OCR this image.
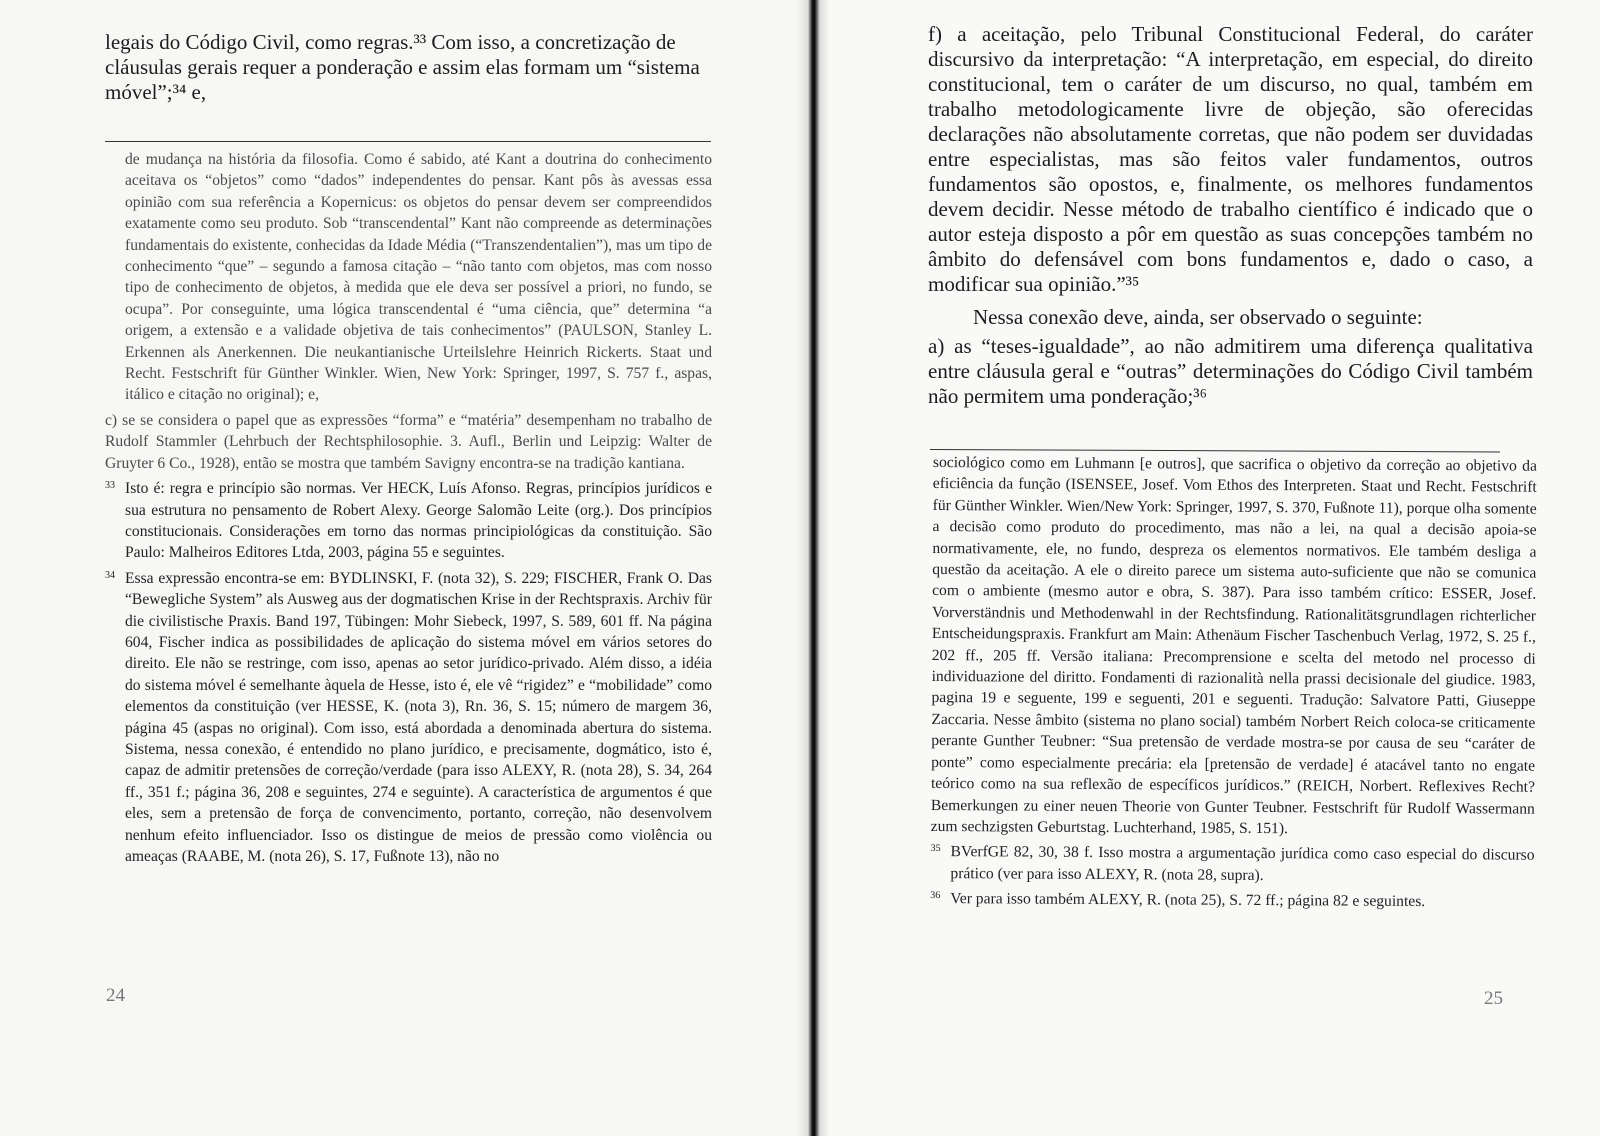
legais do Código Civil, como regras.³³ Com isso, a concretização de

cláusulas gerais requer a ponderação e assim elas formam um “sistema

móvel”;³⁴ e,

de mudança na história da filosofia. Como é sabido, até Kant a doutrina do conhecimento aceitava os “objetos” como “dados” independentes do pensar. Kant pôs às avessas essa opinião com sua referência a Kopernicus: os objetos do pensar devem ser compreendidos exatamente como seu produto. Sob “transcendental” Kant não compreende as determinações fundamentais do existente, conhecidas da Idade Média (“Transzendentalien”), mas um tipo de conhecimento “que” – segundo a famosa citação – “não tanto com objetos, mas com nosso tipo de conhecimento de objetos, à medida que ele deva ser possível a priori, no fundo, se ocupa”. Por conseguinte, uma lógica transcendental é “uma ciência, que” determina “a origem, a extensão e a validade objetiva de tais conhecimentos” (PAULSON, Stanley L. Erkennen als Anerkennen. Die neukantianische Urteilslehre Heinrich Rickerts. Staat und Recht. Festschrift für Günther Winkler. Wien, New York: Springer, 1997, S. 757 f., aspas, itálico e citação no original); e,

c) se se considera o papel que as expressões “forma” e “matéria” desempenham no trabalho de Rudolf Stammler (Lehrbuch der Rechtsphilosophie. 3. Aufl., Berlin und Leipzig: Walter de Gruyter 6 Co., 1928), então se mostra que também Savigny encontra-se na tradição kantiana.

33 Isto é: regra e princípio são normas. Ver HECK, Luís Afonso. Regras, princípios jurídicos e sua estrutura no pensamento de Robert Alexy. George Salomão Leite (org.). Dos princípios constitucionais. Considerações em torno das normas principiológicas da constituição. São Paulo: Malheiros Editores Ltda, 2003, página 55 e seguintes.

34 Essa expressão encontra-se em: BYDLINSKI, F. (nota 32), S. 229; FISCHER, Frank O. Das “Bewegliche System” als Ausweg aus der dogmatischen Krise in der Rechtspraxis. Archiv für die civilistische Praxis. Band 197, Tübingen: Mohr Siebeck, 1997, S. 589, 601 ff. Na página 604, Fischer indica as possibilidades de aplicação do sistema móvel em vários setores do direito. Ele não se restringe, com isso, apenas ao setor jurídico-privado. Além disso, a idéia do sistema móvel é semelhante àquela de Hesse, isto é, ele vê “rigidez” e “mobilidade” como elementos da constituição (ver HESSE, K. (nota 3), Rn. 36, S. 15; número de margem 36, página 45 (aspas no original). Com isso, está abordada a denominada abertura do sistema. Sistema, nessa conexão, é entendido no plano jurídico, e precisamente, dogmático, isto é, capaz de admitir pretensões de correção/verdade (para isso ALEXY, R. (nota 28), S. 34, 264 ff., 351 f.; página 36, 208 e seguintes, 274 e seguinte). A característica de argumentos é que eles, sem a pretensão de força de convencimento, portanto, correção, não desenvolvem nenhum efeito influenciador. Isso os distingue de meios de pressão como violência ou ameaças (RAABE, M. (nota 26), S. 17, Fußnote 13), não no

24

f) a aceitação, pelo Tribunal Constitucional Federal, do caráter discursivo da interpretação: “A interpretação, em especial, do direito constitucional, tem o caráter de um discurso, no qual, também em trabalho metodologicamente livre de objeção, são oferecidas declarações não absolutamente corretas, que não podem ser duvidadas entre especialistas, mas são feitos valer fundamentos, outros fundamentos são opostos, e, finalmente, os melhores fundamentos devem decidir. Nesse método de trabalho científico é indicado que o autor esteja disposto a pôr em questão as suas concepções também no âmbito do defensável com bons fundamentos e, dado o caso, a modificar sua opinião.”³⁵

Nessa conexão deve, ainda, ser observado o seguinte:

a) as “teses-igualdade”, ao não admitirem uma diferença qualitativa entre cláusula geral e “outras” determinações do Código Civil também não permitem uma ponderação;³⁶

sociológico como em Luhmann [e outros], que sacrifica o objetivo da correção ao objetivo da eficiência da função (ISENSEE, Josef. Vom Ethos des Interpreten. Staat und Recht. Festschrift für Günther Winkler. Wien/New York: Springer, 1997, S. 370, Fußnote 11), porque olha somente a decisão como produto do procedimento, mas não a lei, na qual a decisão apoia-se normativamente, ele, no fundo, despreza os elementos normativos. Ele também desliga a questão da aceitação. A ele o direito parece um sistema auto-suficiente que não se comunica com o ambiente (mesmo autor e obra, S. 387). Para isso também crítico: ESSER, Josef. Vorverständnis und Methodenwahl in der Rechtsfindung. Rationalitätsgrundlagen richterlicher Entscheidungspraxis. Frankfurt am Main: Athenäum Fischer Taschenbuch Verlag, 1972, S. 25 f., 202 ff., 205 ff. Versão italiana: Precomprensione e scelta del metodo nel processo di individuazione del diritto. Fondamenti di razionalità nella prassi decisionale del giudice. 1983, pagina 19 e seguente, 199 e seguenti, 201 e seguenti. Tradução: Salvatore Patti, Giuseppe Zaccaria. Nesse âmbito (sistema no plano social) também Norbert Reich coloca-se criticamente perante Gunther Teubner: “Sua pretensão de verdade mostra-se por causa de seu “caráter de ponte” como especialmente precária: ela [pretensão de verdade] é atacável tanto no engate teórico como na sua reflexão de específicos jurídicos.” (REICH, Norbert. Reflexives Recht? Bemerkungen zu einer neuen Theorie von Gunter Teubner. Festschrift für Rudolf Wassermann zum sechzigsten Geburtstag. Luchterhand, 1985, S. 151).

35 BVerfGE 82, 30, 38 f. Isso mostra a argumentação jurídica como caso especial do discurso prático (ver para isso ALEXY, R. (nota 28, supra).

36 Ver para isso também ALEXY, R. (nota 25), S. 72 ff.; página 82 e seguintes.

25
